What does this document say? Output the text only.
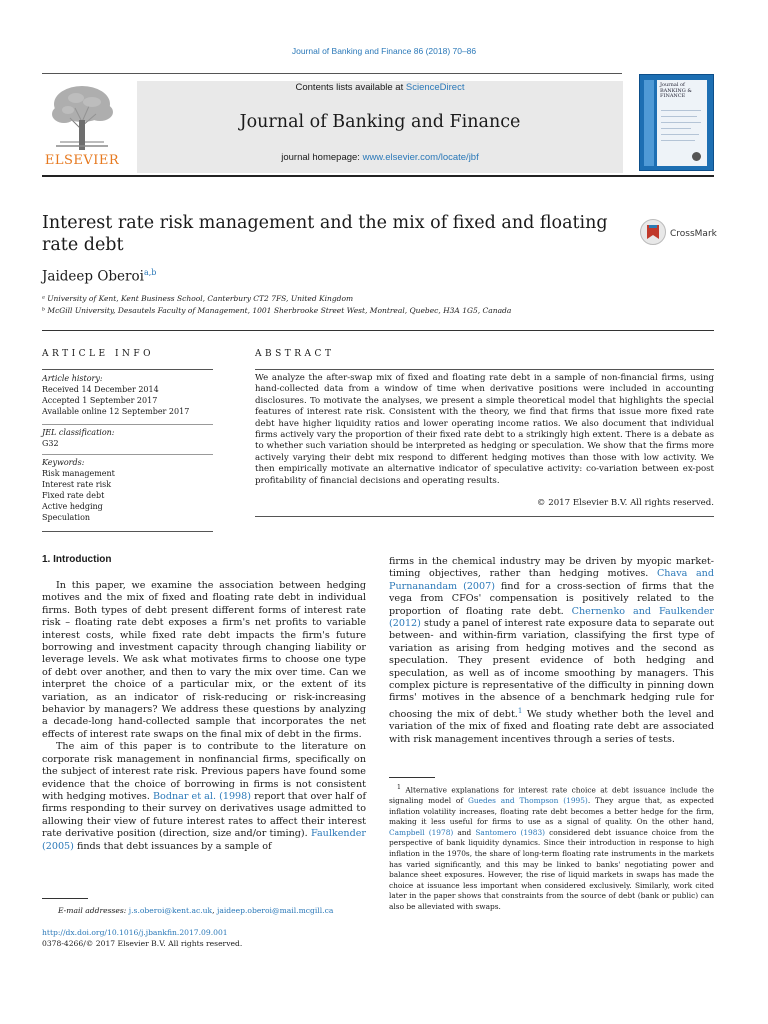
Journal of Banking and Finance 86 (2018) 70–86
ELSEVIER
Contents lists available at ScienceDirect
Journal of Banking and Finance
journal homepage: www.elsevier.com/locate/jbf
Journal of BANKING & FINANCE
Interest rate risk management and the mix of fixed and floating rate debt
CrossMark
Jaideep Oberoi$^{a,b}$
ᵃ University of Kent, Kent Business School, Canterbury CT2 7FS, United Kingdom
ᵇ McGill University, Desautels Faculty of Management, 1001 Sherbrooke Street West, Montreal, Quebec, H3A 1G5, Canada
ARTICLE INFO
Article history:
Received 14 December 2014
Accepted 1 September 2017
Available online 12 September 2017
JEL classification:
G32
Keywords:
Risk management
Interest rate risk
Fixed rate debt
Active hedging
Speculation
ABSTRACT
We analyze the after-swap mix of fixed and floating rate debt in a sample of non-financial firms, using hand-collected data from a window of time when derivative positions were included in accounting disclosures. To motivate the analyses, we present a simple theoretical model that highlights the special features of interest rate risk. Consistent with the theory, we find that firms that issue more fixed rate debt have higher liquidity ratios and lower operating income ratios. We also document that individual firms actively vary the proportion of their fixed rate debt to a strikingly high extent. There is a debate as to whether such variation should be interpreted as hedging or speculation. We show that the firms more actively varying their debt mix respond to different hedging motives than those with low activity. We then empirically motivate an alternative indicator of speculative activity: co-variation between ex-post profitability of financial decisions and operating results.
© 2017 Elsevier B.V. All rights reserved.
1. Introduction

In this paper, we examine the association between hedging motives and the mix of fixed and floating rate debt in individual firms. Both types of debt present different forms of interest rate risk – floating rate debt exposes a firm's net profits to variable interest costs, while fixed rate debt impacts the firm's future borrowing and investment capacity through changing liability or leverage levels. We ask what motivates firms to choose one type of debt over another, and then to vary the mix over time. Can we interpret the choice of a particular mix, or the extent of its variation, as an indicator of risk-reducing or risk-increasing behavior by managers? We address these questions by analyzing a decade-long hand-collected sample that incorporates the net effects of interest rate swaps on the final mix of debt in the firms.

The aim of this paper is to contribute to the literature on corporate risk management in nonfinancial firms, specifically on the subject of interest rate risk. Previous papers have found some evidence that the choice of borrowing in firms is not consistent with hedging motives. Bodnar et al. (1998) report that over half of firms responding to their survey on derivatives usage admitted to allowing their view of future interest rates to affect their interest rate derivative position (direction, size and/or timing). Faulkender (2005) finds that debt issuances by a sample of

firms in the chemical industry may be driven by myopic market-timing objectives, rather than hedging motives. Chava and Purnanandam (2007) find for a cross-section of firms that the vega from CFOs' compensation is positively related to the proportion of floating rate debt. Chernenko and Faulkender (2012) study a panel of interest rate exposure data to separate out between- and within-firm variation, classifying the first type of variation as arising from hedging motives and the second as speculation. They present evidence of both hedging and speculation, as well as of income smoothing by managers. This complex picture is representative of the difficulty in pinning down firms' motives in the absence of a benchmark hedging rule for choosing the mix of debt.$^1$ We study whether both the level and variation of the mix of fixed and floating rate debt are associated with risk management incentives through a series of tests.

$^1$ Alternative explanations for interest rate choice at debt issuance include the signaling model of Guedes and Thompson (1995). They argue that, as expected inflation volatility increases, floating rate debt becomes a better hedge for the firm, making it less useful for firms to use as a signal of quality. On the other hand, Campbell (1978) and Santomero (1983) considered debt issuance choice from the perspective of bank liquidity dynamics. Since their introduction in response to high inflation in the 1970s, the share of long-term floating rate instruments in the markets has varied significantly, and this may be linked to banks' negotiating power and balance sheet exposures. However, the rise of liquid markets in swaps has made the choice at issuance less important when considered exclusively. Similarly, work cited later in the paper shows that constraints from the source of debt (bank or public) can also be alleviated with swaps.

E-mail addresses: j.s.oberoi@kent.ac.uk, jaideep.oberoi@mail.mcgill.ca
http://dx.doi.org/10.1016/j.jbankfin.2017.09.001
0378-4266/© 2017 Elsevier B.V. All rights reserved.
